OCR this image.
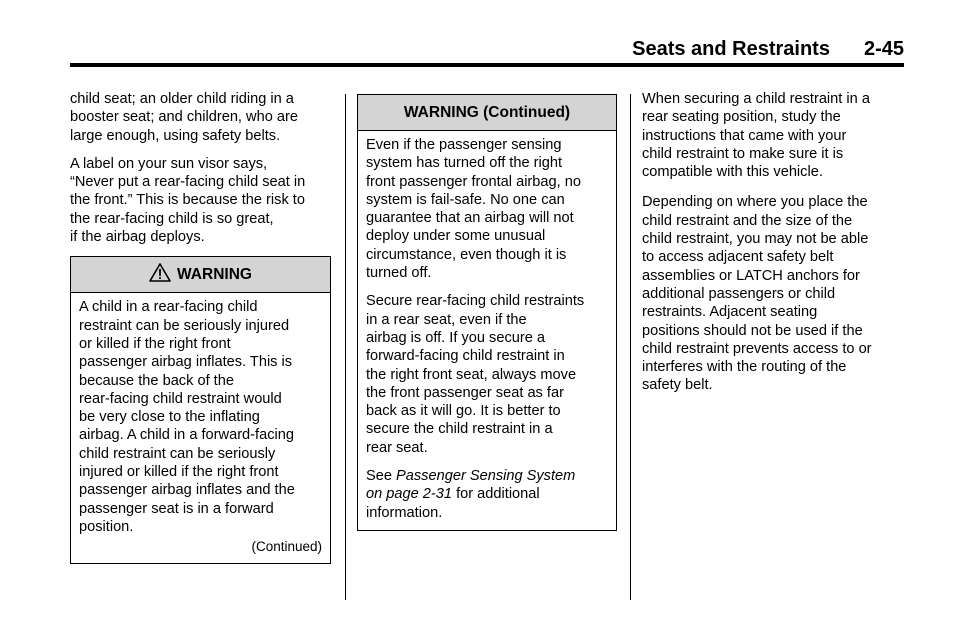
Seats and Restraints 2-45

child seat; an older child riding in a booster seat; and children, who are large enough, using safety belts.

A label on your sun visor says,
“Never put a rear-facing child seat in
the front.” This is because the risk to
the rear-facing child is so great,
if the airbag deploys.

WARNING

A child in a rear-facing child
restraint can be seriously injured
or killed if the right front
passenger airbag inflates. This is
because the back of the
rear-facing child restraint would
be very close to the inflating
airbag. A child in a forward-facing
child restraint can be seriously
injured or killed if the right front
passenger airbag inflates and the
passenger seat is in a forward
position.

(Continued)
WARNING (Continued)

Even if the passenger sensing
system has turned off the right
front passenger frontal airbag, no
system is fail-safe. No one can
guarantee that an airbag will not
deploy under some unusual
circumstance, even though it is
turned off.

Secure rear-facing child restraints
in a rear seat, even if the
airbag is off. If you secure a
forward-facing child restraint in
the right front seat, always move
the front passenger seat as far
back as it will go. It is better to
secure the child restraint in a
rear seat.

See Passenger Sensing System
on page 2-31 for additional
information.

When securing a child restraint in a
rear seating position, study the
instructions that came with your
child restraint to make sure it is
compatible with this vehicle.

Depending on where you place the
child restraint and the size of the
child restraint, you may not be able
to access adjacent safety belt
assemblies or LATCH anchors for
additional passengers or child
restraints. Adjacent seating
positions should not be used if the
child restraint prevents access to or
interferes with the routing of the
safety belt.
